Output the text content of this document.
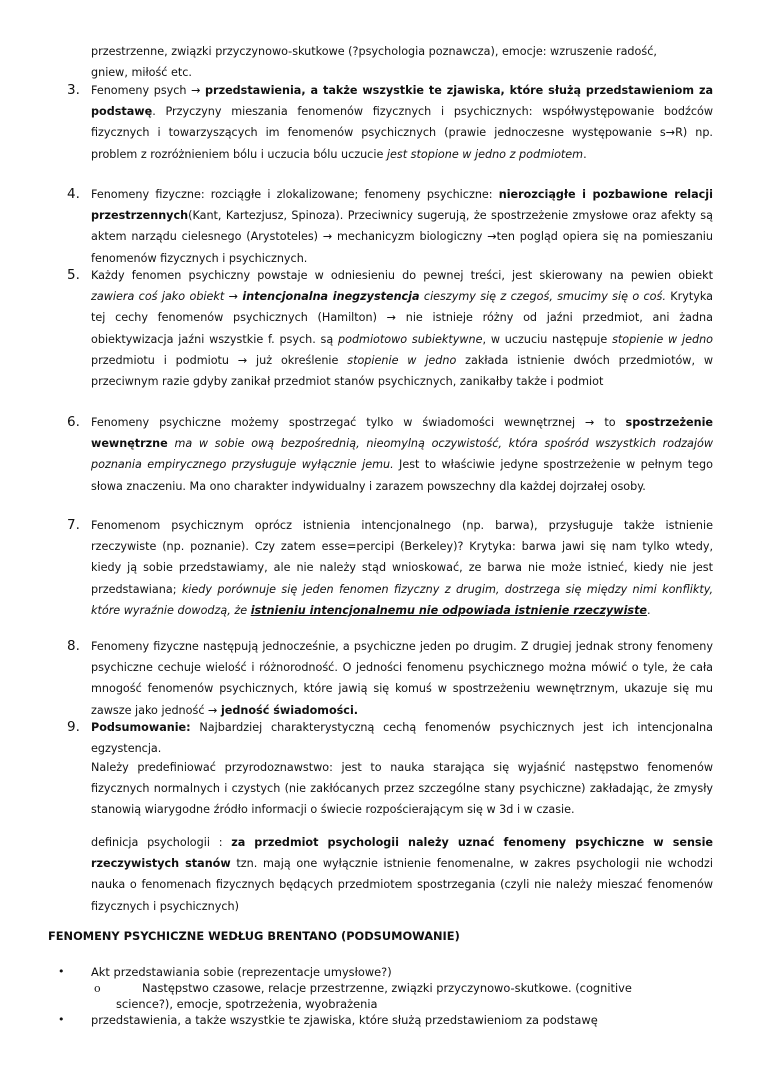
przestrzenne, związki przyczynowo-skutkowe (?psychologia poznawcza), emocje: wzruszenie radość,
gniew, miłość etc.
3.
4.
5.
6.
7.
8.
9.
Fenomeny psych → przedstawienia, a także wszystkie te zjawiska, które służą przedstawieniom za podstawę. Przyczyny mieszania fenomenów fizycznych i psychicznych: współwystępowanie bodźców fizycznych i towarzyszących im fenomenów psychicznych (prawie jednoczesne występowanie s→R) np. problem z rozróżnieniem bólu i uczucia bólu uczucie jest stopione w jedno z podmiotem.
Fenomeny fizyczne: rozciągłe i zlokalizowane; fenomeny psychiczne: nierozciągłe i pozbawione relacji przestrzennych(Kant, Kartezjusz, Spinoza). Przeciwnicy sugerują, że spostrzeżenie zmysłowe oraz afekty są aktem narządu cielesnego (Arystoteles) → mechanicyzm biologiczny →ten pogląd opiera się na pomieszaniu fenomenów fizycznych i psychicznych.
Każdy fenomen psychiczny powstaje w odniesieniu do pewnej treści, jest skierowany na pewien obiekt zawiera coś jako obiekt → intencjonalna inegzystencja cieszymy się z czegoś, smucimy się o coś. Krytyka tej cechy fenomenów psychicznych (Hamilton) → nie istnieje różny od jaźni przedmiot, ani żadna obiektywizacja jaźni wszystkie f. psych. są podmiotowo subiektywne, w uczuciu następuje stopienie w jedno przedmiotu i podmiotu → już określenie stopienie w jedno zakłada istnienie dwóch przedmiotów, w przeciwnym razie gdyby zanikał przedmiot stanów psychicznych, zanikałby także i podmiot
Fenomeny psychiczne możemy spostrzegać tylko w świadomości wewnętrznej → to spostrzeżenie wewnętrzne ma w sobie ową bezpośrednią, nieomylną oczywistość, która spośród wszystkich rodzajów poznania empirycznego przysługuje wyłącznie jemu. Jest to właściwie jedyne spostrzeżenie w pełnym tego słowa znaczeniu. Ma ono charakter indywidualny i zarazem powszechny dla każdej dojrzałej osoby.
Fenomenom psychicznym oprócz istnienia intencjonalnego (np. barwa), przysługuje także istnienie rzeczywiste (np. poznanie). Czy zatem esse=percipi (Berkeley)? Krytyka: barwa jawi się nam tylko wtedy, kiedy ją sobie przedstawiamy, ale nie należy stąd wnioskować, ze barwa nie może istnieć, kiedy nie jest przedstawiana; kiedy porównuje się jeden fenomen fizyczny z drugim, dostrzega się między nimi konflikty, które wyraźnie dowodzą, że istnieniu intencjonalnemu nie odpowiada istnienie rzeczywiste.
Fenomeny fizyczne następują jednocześnie, a psychiczne jeden po drugim. Z drugiej jednak strony fenomeny psychiczne cechuje wielość i różnorodność. O jedności fenomenu psychicznego można mówić o tyle, że cała mnogość fenomenów psychicznych, które jawią się komuś w spostrzeżeniu wewnętrznym, ukazuje się mu zawsze jako jedność → jedność świadomości.
Podsumowanie: Najbardziej charakterystyczną cechą fenomenów psychicznych jest ich intencjonalna egzystencja.
Należy predefiniować przyrodoznawstwo: jest to nauka starająca się wyjaśnić następstwo fenomenów fizycznych normalnych i czystych (nie zakłócanych przez szczególne stany psychiczne) zakładając, że zmysły stanowią wiarygodne źródło informacji o świecie rozpościerającym się w 3d i w czasie.
definicja psychologii : za przedmiot psychologii należy uznać fenomeny psychiczne w sensie rzeczywistych stanów tzn. mają one wyłącznie istnienie fenomenalne, w zakres psychologii nie wchodzi nauka o fenomenach fizycznych będących przedmiotem spostrzegania (czyli nie należy mieszać fenomenów fizycznych i psychicznych)
FENOMENY PSYCHICZNE WEDŁUG BRENTANO (PODSUMOWANIE)
• Akt przedstawiania sobie (reprezentacje umysłowe?)
o	Następstwo czasowe, relacje przestrzenne, związki przyczynowo-skutkowe. (cognitive science?), emocje, spotrzeżenia, wyobrażenia
• przedstawienia, a także wszystkie te zjawiska, które służą przedstawieniom za podstawę
